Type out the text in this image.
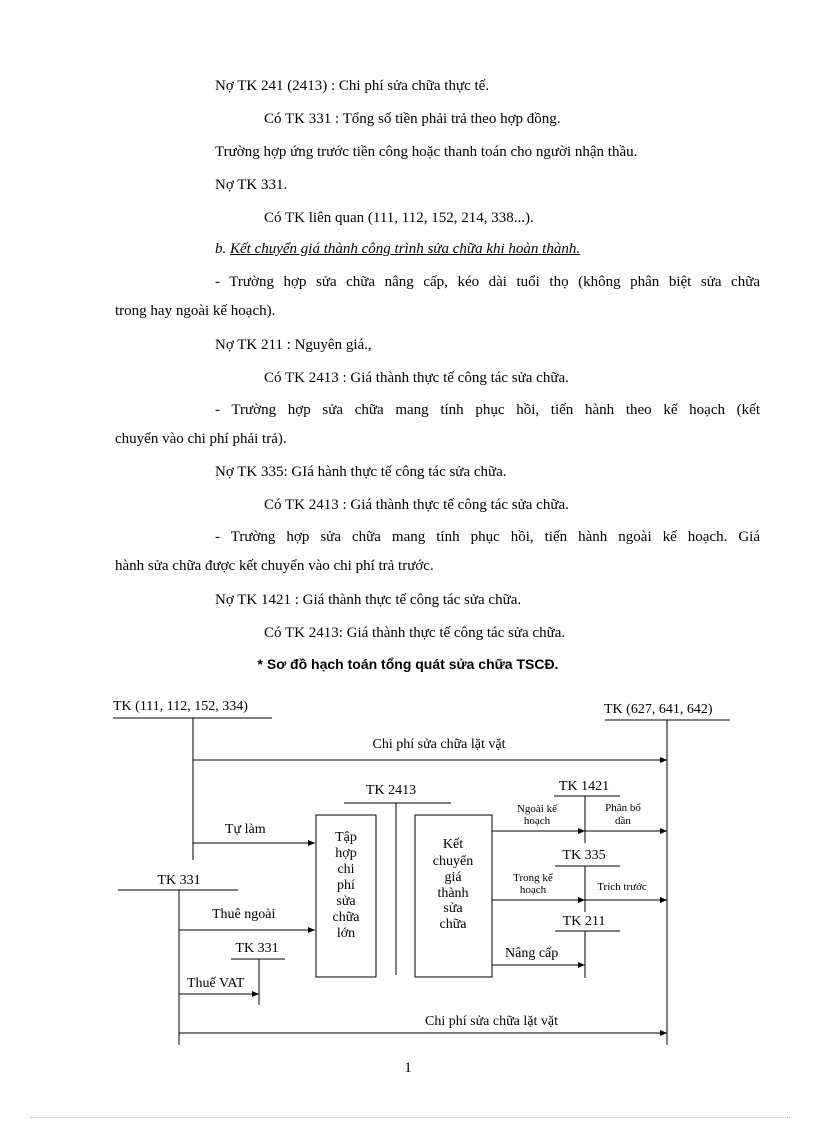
Nợ TK 241 (2413) : Chi phí sửa chữa thực tế.
Có TK 331 : Tổng số tiền phải trả theo hợp đồng.
Trường hợp ứng trước tiền công hoặc thanh toán cho người nhận thầu.
Nợ TK 331.
Có TK liên quan (111, 112, 152, 214, 338...).
b. Kết chuyển giá thành công trình sửa chữa khi hoàn thành.
- Trường hợp sửa chữa nâng cấp, kéo dài tuổi thọ (không phân biệt sửa chữa
trong hay ngoài kế hoạch).
Nợ TK 211 : Nguyên giá.,
Có TK 2413 : Giá thành thực tế công tác sửa chữa.
- Trường hợp sửa chữa mang tính phục hồi, tiến hành theo kế hoạch (kết
chuyển vào chi phí phải trả).
Nợ TK 335: GIá hành thực tế công tác sửa chữa.
Có TK 2413 : Giá thành thực tế công tác sửa chữa.
- Trường hợp sửa chữa mang tính phục hồi, tiến hành ngoài kế hoạch. Giá
hành sửa chữa được kết chuyển vào chi phí trả trước.
Nợ TK 1421 : Giá thành thực tế công tác sửa chữa.
Có TK 2413: Giá thành thực tế công tác sửa chữa.
* Sơ đồ hạch toán tổng quát sửa chữa TSCĐ.
TK (111, 112, 152, 334)	TK (627, 641, 642)
Chi phí sửa chữa lặt vặt
TK 2413	TK 1421
TK 335
TK 211
TK 331
TK 331
Tự làm
Thuê ngoài
Thuế VAT
Nâng cấp
Chi phí sửa chữa lặt vặt
Tập
hợp
chi
phí
sửa
chữa
lớn
Kết
chuyển
giá
thành
sửa
chữa
Ngoài kế
hoạch
Trong kế
hoạch
Phân bổ
dần
Trích trước
1
